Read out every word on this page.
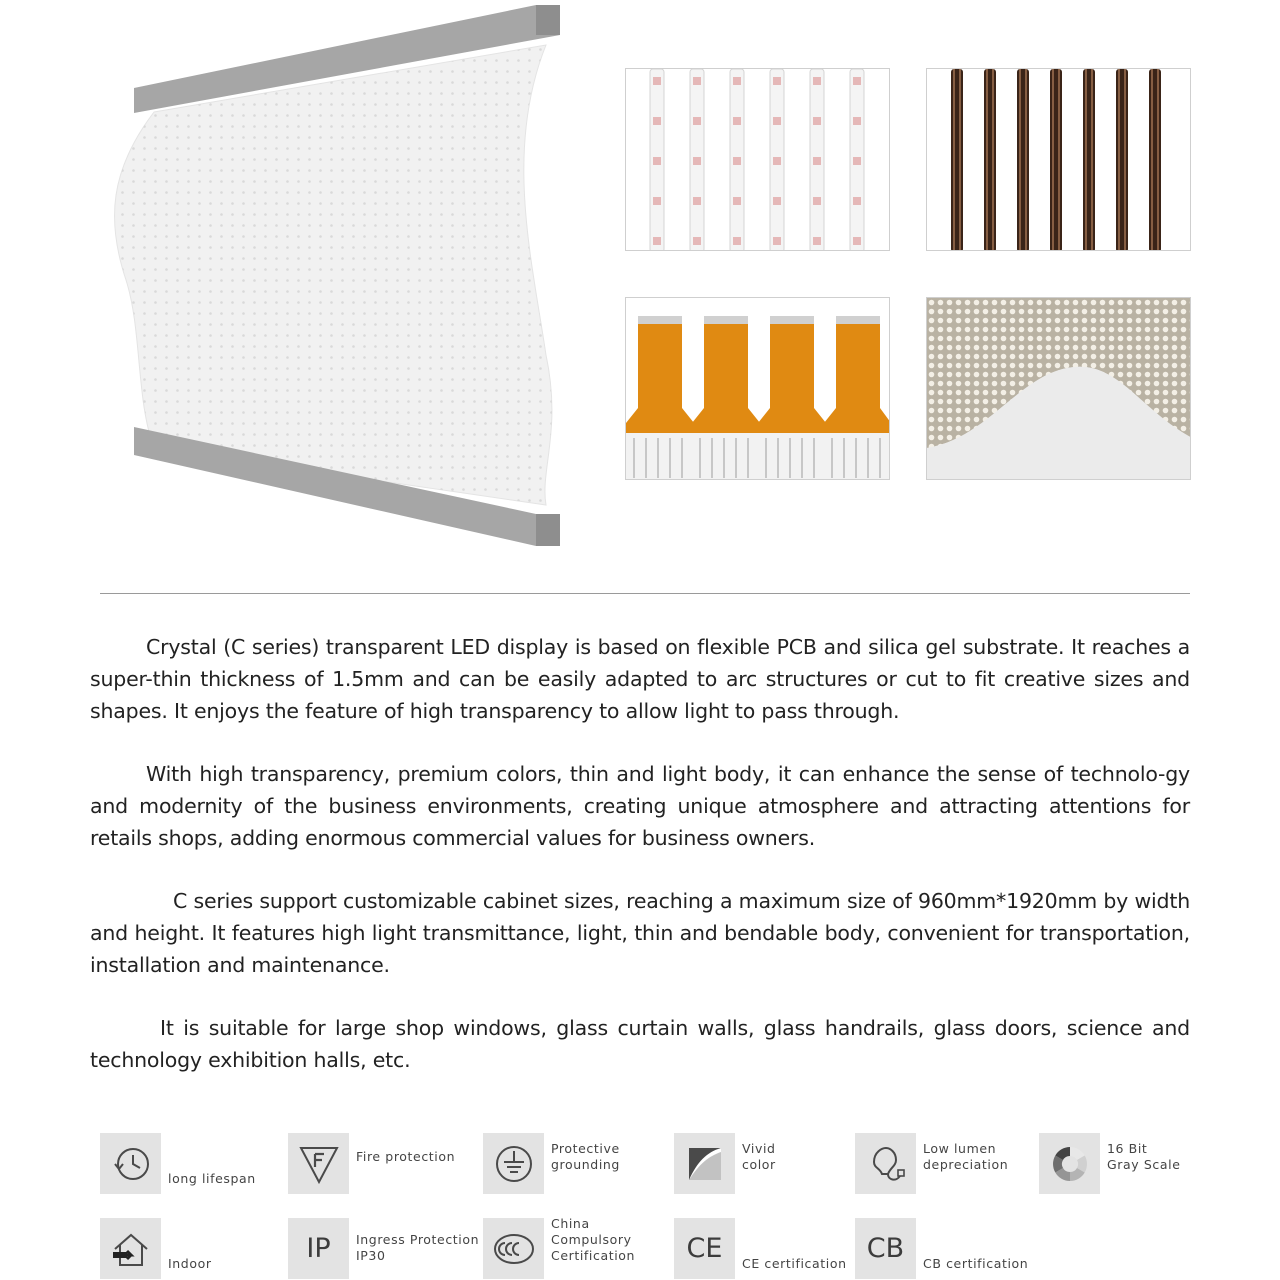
Crystal (C series) transparent LED display is based on flexible PCB and silica gel substrate. It reaches a super-thin thickness of 1.5mm and can be easily adapted to arc structures or cut to fit creative sizes and shapes. It enjoys the feature of high transparency to allow light to pass through.

With high transparency, premium colors, thin and light body, it can enhance the sense of technolo-gy and modernity of the business environments, creating unique atmosphere and attracting attentions for retails shops, adding enormous commercial values for business owners.

C series support customizable cabinet sizes, reaching a maximum size of 960mm*1920mm by width and height. It features high light transmittance, light, thin and bendable body, convenient for transportation, installation and maintenance.

It is suitable for large shop windows, glass curtain walls, glass handrails, glass doors, science and technology exhibition halls, etc.

long lifespan
Fire protection
Protective
grounding
Vivid
color
Low lumen
depreciation
16 Bit
Gray Scale
Indoor	IP Ingress Protection
IP30
China
Compulsory
Certification CE CE certification CB CB certification
